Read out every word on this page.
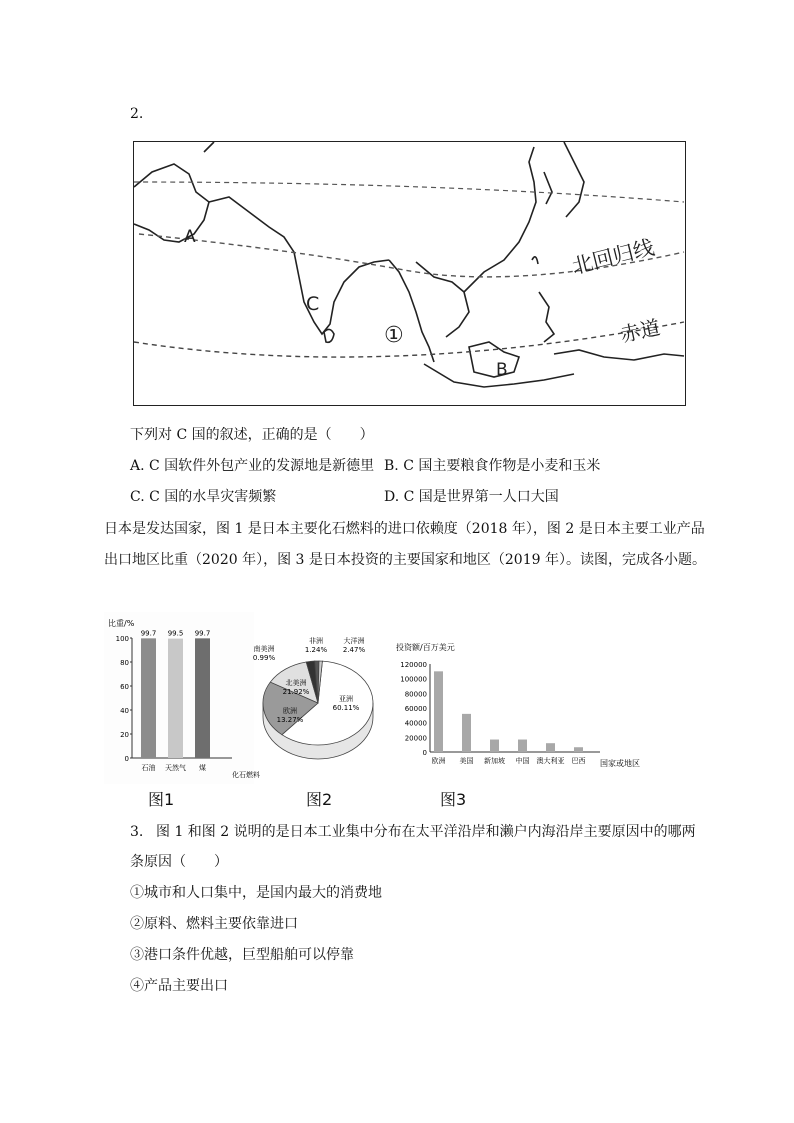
2.
北回归线
赤道
A
C
B
①
下列对 C 国的叙述，正确的是（　　）
A. C 国软件外包产业的发源地是新德里 B. C 国主要粮食作物是小麦和玉米
C. C 国的水旱灾害频繁	D. C 国是世界第一人口大国
日本是发达国家，图 1 是日本主要化石燃料的进口依赖度（2018 年），图 2 是日本主要工业产品
出口地区比重（2020 年），图 3 是日本投资的主要国家和地区（2019 年）。读图，完成各小题。
比重/%
0
20
40
60
80
100
99.7
石油
99.5
天然气
99.7
煤
化石燃料
亚洲
60.11%
北美洲
21.92%
欧洲
13.27%
大洋洲
2.47%
非洲
1.24%
南美洲
0.99%
投资额/百万美元
0
20000
40000
60000
80000
100000
120000
欧洲 美国 新加坡 中国 澳大利亚 巴西 国家或地区
图1	图2	图3
3. 图 1 和图 2 说明的是日本工业集中分布在太平洋沿岸和濑户内海沿岸主要原因中的哪两
条原因（　　）
①城市和人口集中，是国内最大的消费地
②原料、燃料主要依靠进口
③港口条件优越，巨型船舶可以停靠
④产品主要出口
